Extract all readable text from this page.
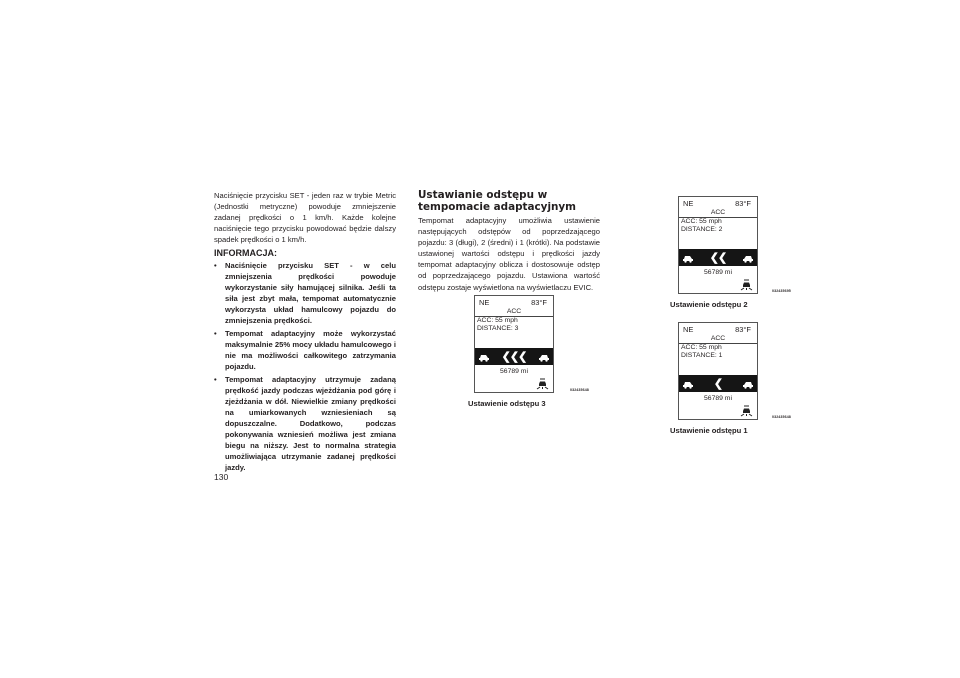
Naciśnięcie przycisku SET - jeden raz w trybie Metric (Jednostki metryczne) powoduje zmniejszenie zadanej prędkości o 1 km/h. Każde kolejne naciśnięcie tego przycisku powodować będzie dalszy spadek prędkości o 1 km/h.

INFORMACJA:
• Naciśnięcie przycisku SET - w celu zmniejszenia prędkości powoduje wykorzystanie siły hamującej silnika. Jeśli ta siła jest zbyt mała, tempomat automatycznie wykorzysta układ hamulcowy pojazdu do zmniejszenia prędkości.
• Tempomat adaptacyjny może wykorzystać maksymalnie 25% mocy układu hamulcowego i nie ma możliwości całkowitego zatrzymania pojazdu.
• Tempomat adaptacyjny utrzymuje zadaną prędkość jazdy podczas wjeżdżania pod górę i zjeżdżania w dół. Niewielkie zmiany prędkości na umiarkowanych wzniesieniach są dopuszczalne. Dodatkowo, podczas pokonywania wzniesień możliwa jest zmiana biegu na niższy. Jest to normalna strategia umożliwiająca utrzymanie zadanej prędkości jazdy.
Ustawianie odstępu w tempomacie adaptacyjnym

Tempomat adaptacyjny umożliwia ustawienie następujących odstępów od poprzedzającego pojazdu: 3 (długi), 2 (średni) i 1 (krótki). Na podstawie ustawionej wartości odstępu i prędkości jazdy tempomat adaptacyjny oblicza i dostosowuje odstęp od poprzedzającego pojazdu. Ustawiona wartość odstępu zostaje wyświetlona na wyświetlaczu EVIC.

130
NE	83°F
ACC
ACC: 55 mph
DISTANCE: 3
❮❮❮
56789 mi
032435648
Ustawienie odstępu 3
NE	83°F
ACC
ACC: 55 mph
DISTANCE: 2
❮❮
56789 mi
032435695
Ustawienie odstępu 2
NE	83°F
ACC
ACC: 55 mph
DISTANCE: 1
❮
56789 mi
032435648
Ustawienie odstępu 1
